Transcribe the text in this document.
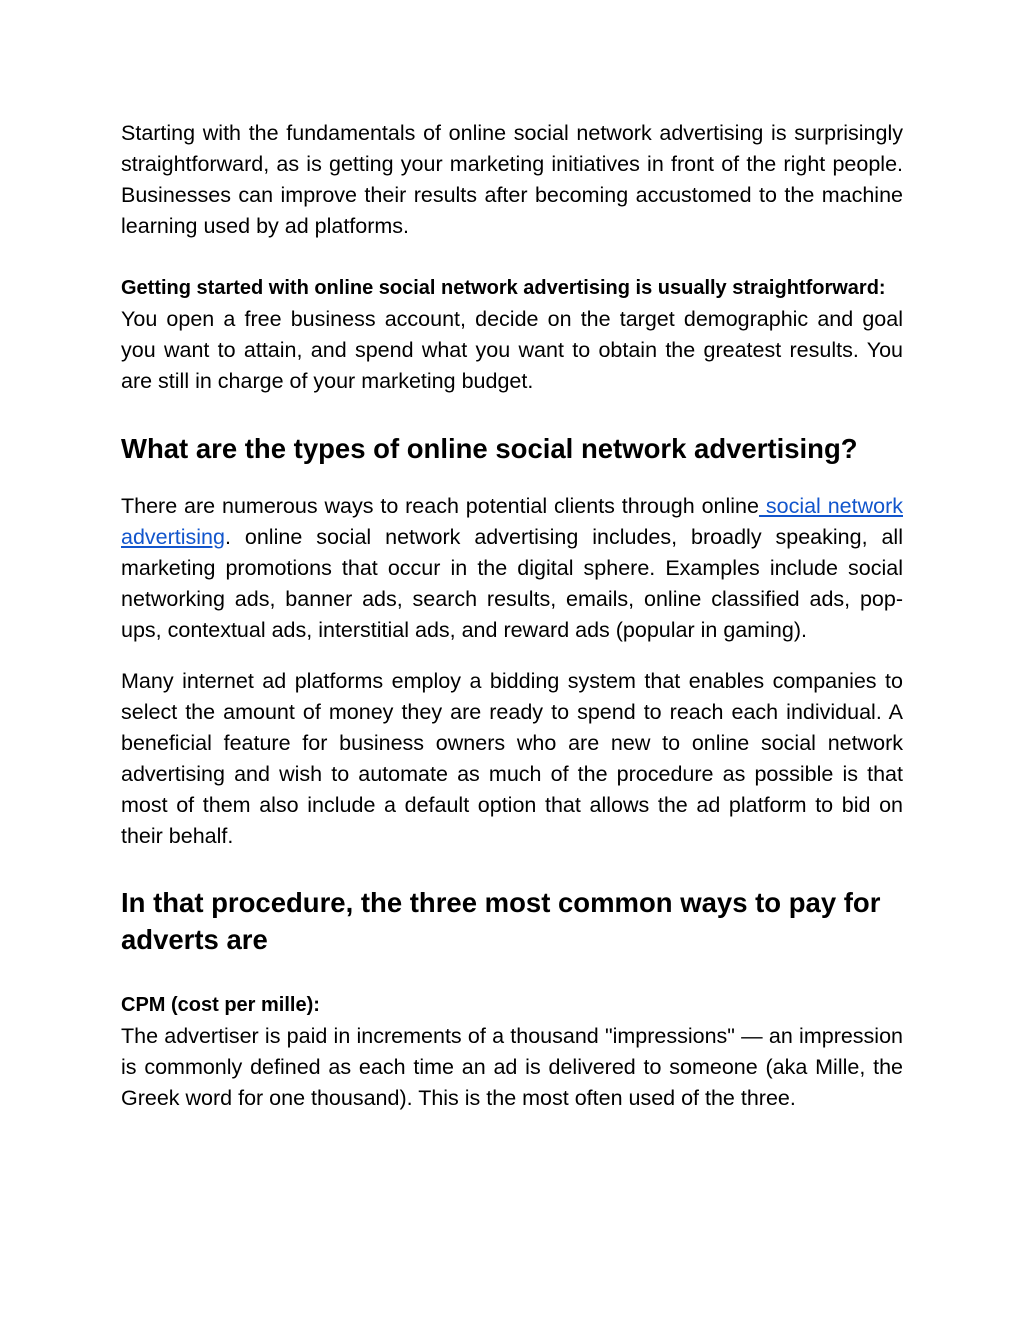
Starting with the fundamentals of online social network advertising is surprisingly straightforward, as is getting your marketing initiatives in front of the right people. Businesses can improve their results after becoming accustomed to the machine learning used by ad platforms.

Getting started with online social network advertising is usually straightforward:

You open a free business account, decide on the target demographic and goal you want to attain, and spend what you want to obtain the greatest results. You are still in charge of your marketing budget.

What are the types of online social network advertising?

There are numerous ways to reach potential clients through online social network advertising. online social network advertising includes, broadly speaking, all marketing promotions that occur in the digital sphere. Examples include social networking ads, banner ads, search results, emails, online classified ads, pop-ups, contextual ads, interstitial ads, and reward ads (popular in gaming).

Many internet ad platforms employ a bidding system that enables companies to select the amount of money they are ready to spend to reach each individual. A beneficial feature for business owners who are new to online social network advertising and wish to automate as much of the procedure as possible is that most of them also include a default option that allows the ad platform to bid on their behalf.

In that procedure, the three most common ways to pay for adverts are

CPM (cost per mille):

The advertiser is paid in increments of a thousand "impressions" — an impression is commonly defined as each time an ad is delivered to someone (aka Mille, the Greek word for one thousand). This is the most often used of the three.
